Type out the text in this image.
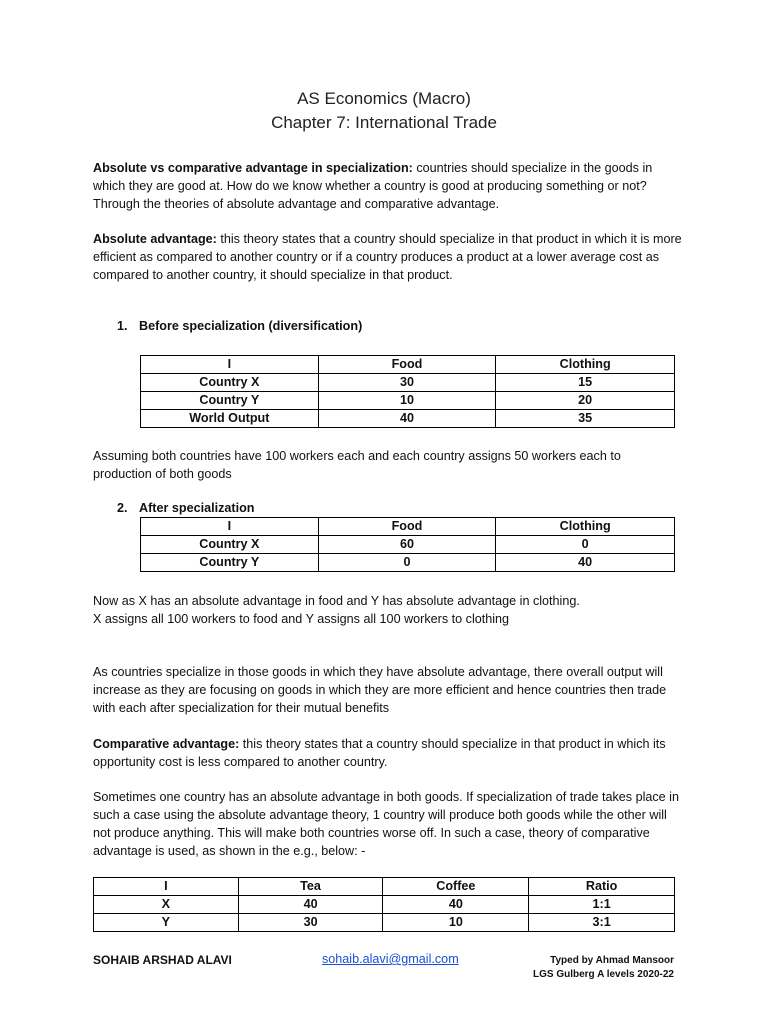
AS Economics (Macro)
Chapter 7: International Trade
Absolute vs comparative advantage in specialization: countries should specialize in the goods in which they are good at. How do we know whether a country is good at producing something or not? Through the theories of absolute advantage and comparative advantage.
Absolute advantage: this theory states that a country should specialize in that product in which it is more efficient as compared to another country or if a country produces a product at a lower average cost as compared to another country, it should specialize in that product.
1. Before specialization (diversification)
I	Food	Clothing
Country X	30	15
Country Y	10	20
World Output	40	35
Assuming both countries have 100 workers each and each country assigns 50 workers each to production of both goods
2. After specialization
I	Food	Clothing
Country X	60	0
Country Y	0	40
Now as X has an absolute advantage in food and Y has absolute advantage in clothing.
X assigns all 100 workers to food and Y assigns all 100 workers to clothing
As countries specialize in those goods in which they have absolute advantage, there overall output will increase as they are focusing on goods in which they are more efficient and hence countries then trade with each after specialization for their mutual benefits
Comparative advantage: this theory states that a country should specialize in that product in which its opportunity cost is less compared to another country.
Sometimes one country has an absolute advantage in both goods. If specialization of trade takes place in such a case using the absolute advantage theory, 1 country will produce both goods while the other will not produce anything. This will make both countries worse off. In such a case, theory of comparative advantage is used, as shown in the e.g., below: -
I	Tea	Coffee	Ratio
X	40	40	1:1
Y	30	10	3:1
SOHAIB ARSHAD ALAVI	sohaib.alavi@gmail.com	Typed by Ahmad Mansoor
LGS Gulberg A levels 2020-22
